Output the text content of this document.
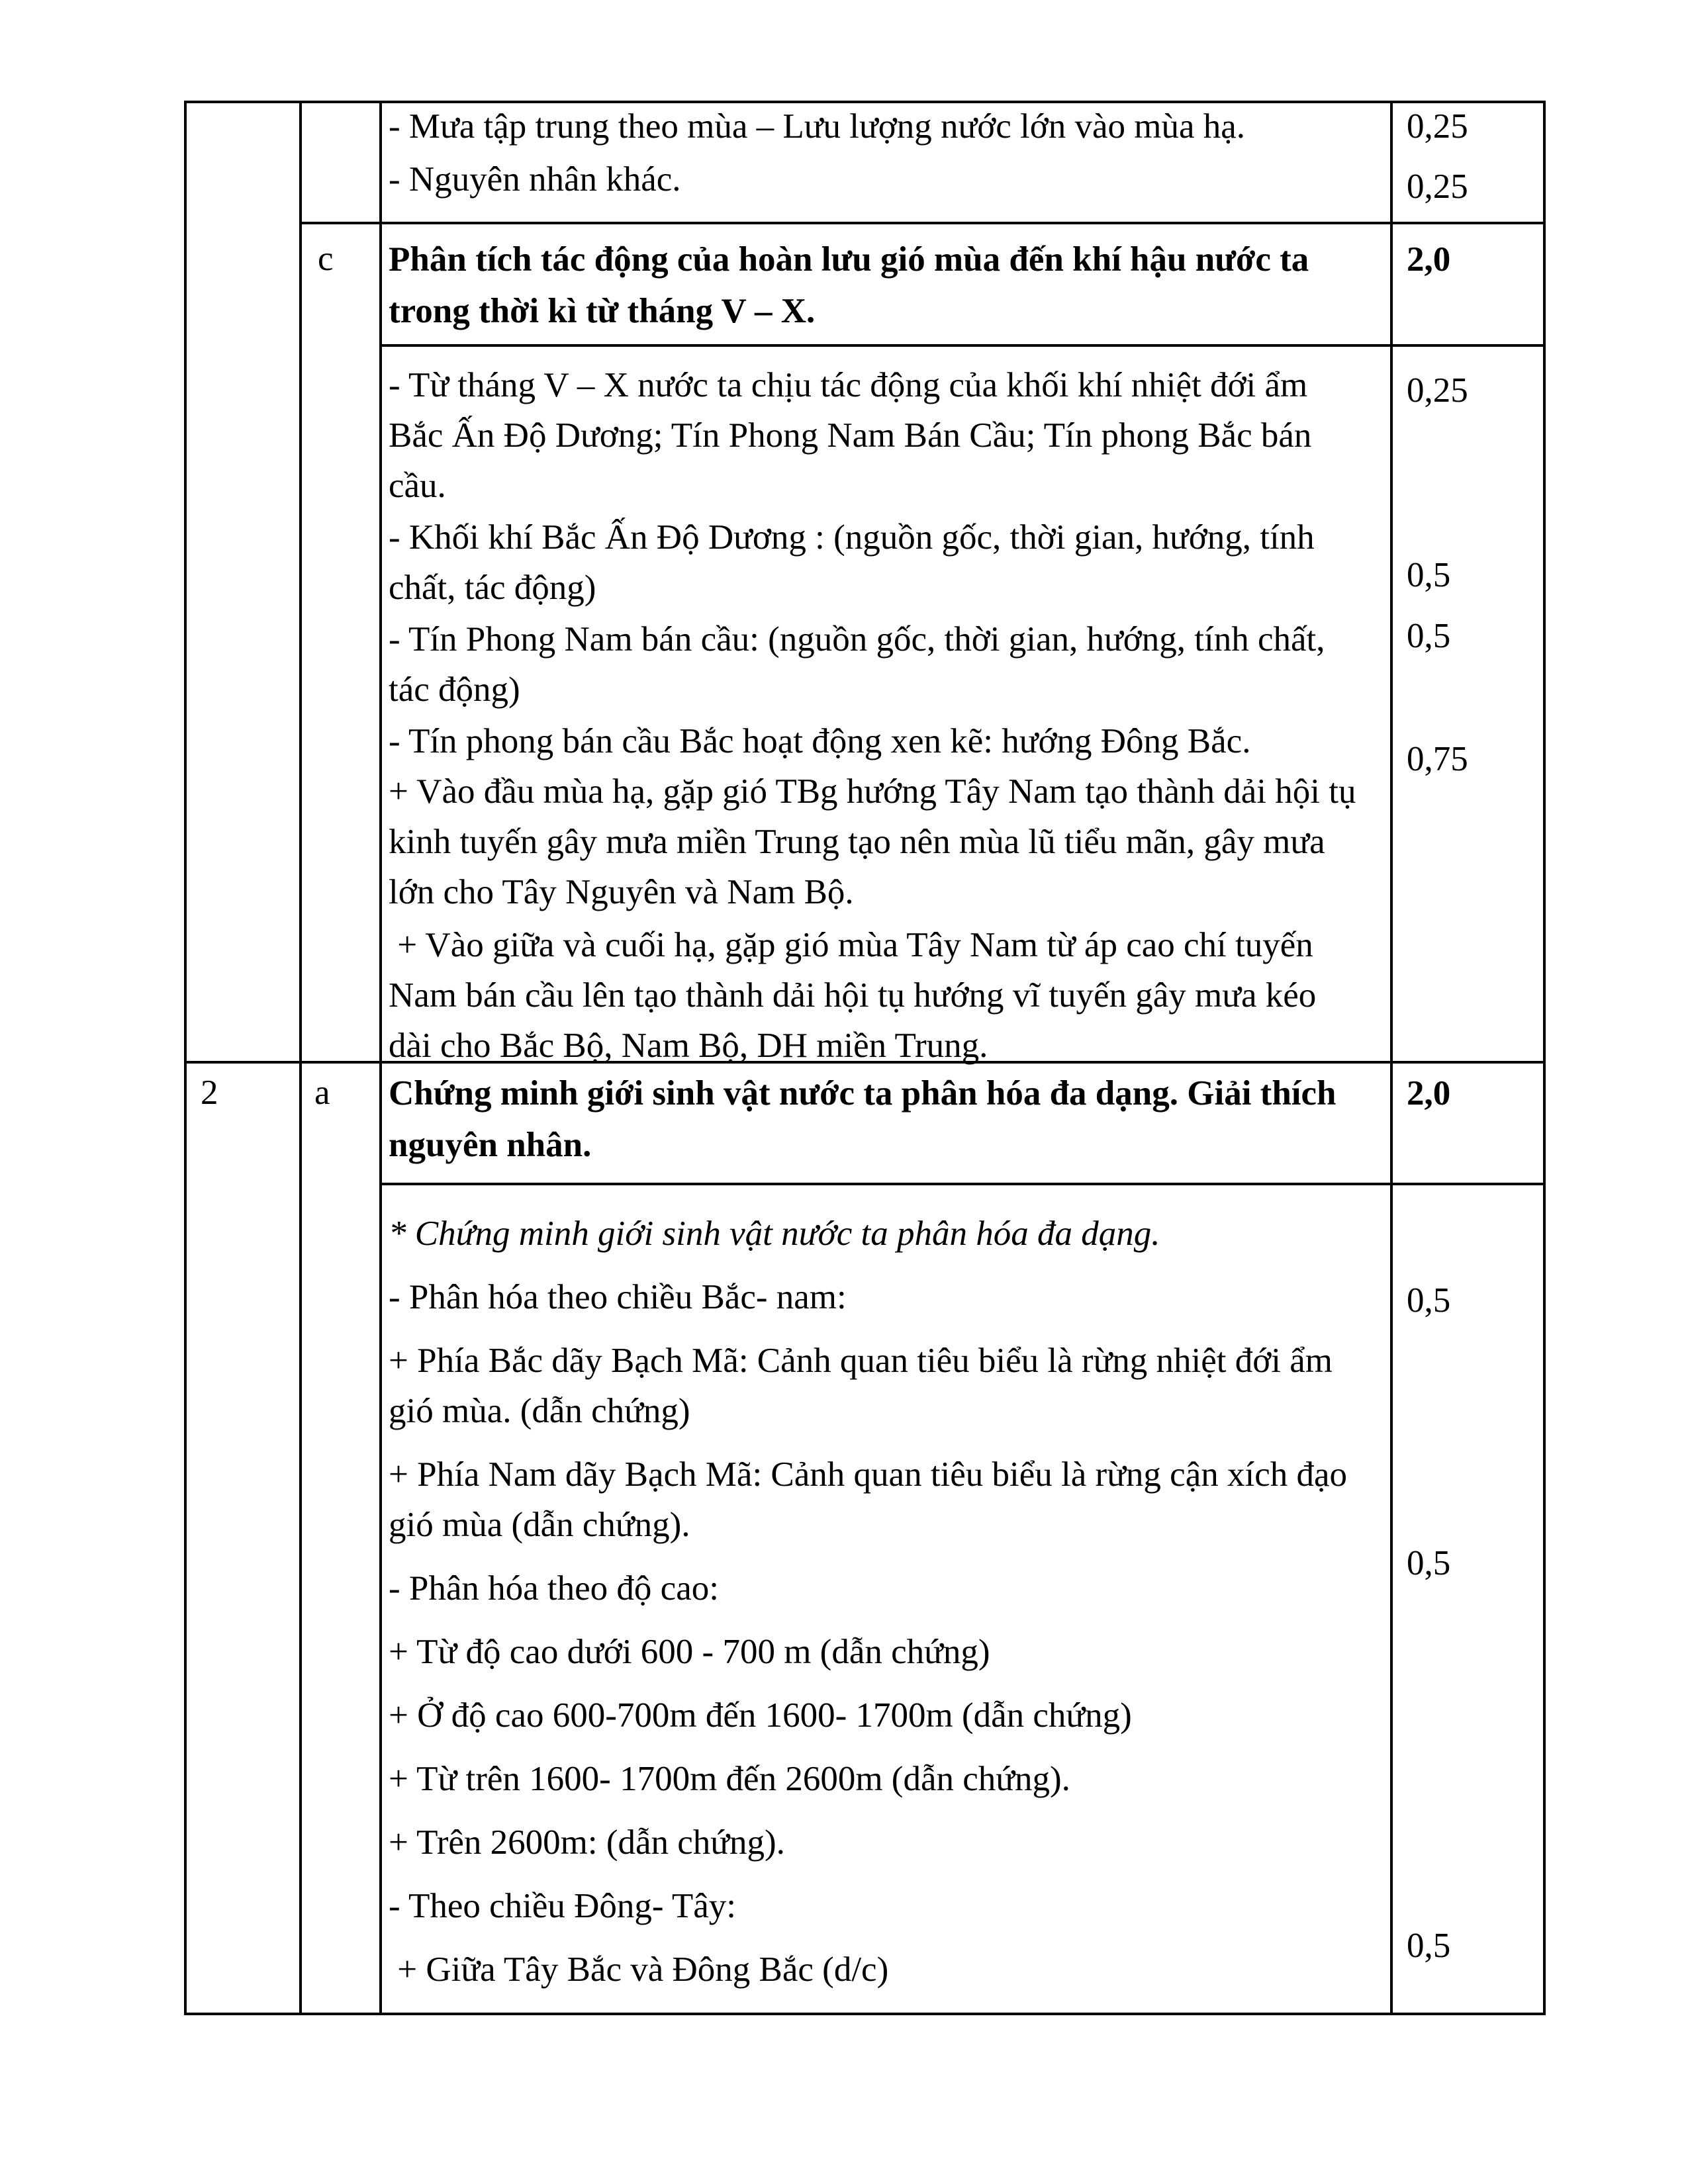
- Mưa tập trung theo mùa – Lưu lượng nước lớn vào mùa hạ.

- Nguyên nhân khác.

0,25
0,25
c Phân tích tác động của hoàn lưu gió mùa đến khí hậu nước ta trong thời kì từ tháng V – X.
2,0

- Từ tháng V – X nước ta chịu tác động của khối khí nhiệt đới ẩm Bắc Ấn Độ Dương; Tín Phong Nam Bán Cầu; Tín phong Bắc bán cầu.

- Khối khí Bắc Ấn Độ Dương : (nguồn gốc, thời gian, hướng, tính chất, tác động)

- Tín Phong Nam bán cầu: (nguồn gốc, thời gian, hướng, tính chất, tác động)

- Tín phong bán cầu Bắc hoạt động xen kẽ: hướng Đông Bắc.

+ Vào đầu mùa hạ, gặp gió TBg hướng Tây Nam tạo thành dải hội tụ kinh tuyến gây mưa miền Trung tạo nên mùa lũ tiểu mãn, gây mưa lớn cho Tây Nguyên và Nam Bộ.

+ Vào giữa và cuối hạ, gặp gió mùa Tây Nam từ áp cao chí tuyến Nam bán cầu lên tạo thành dải hội tụ hướng vĩ tuyến gây mưa kéo dài cho Bắc Bộ, Nam Bộ, DH miền Trung.

0,25
0,5
0,5
0,75
2	a Chứng minh giới sinh vật nước ta phân hóa đa dạng. Giải thích nguyên nhân.
2,0

* Chứng minh giới sinh vật nước ta phân hóa đa dạng.

- Phân hóa theo chiều Bắc- nam:

+ Phía Bắc dãy Bạch Mã: Cảnh quan tiêu biểu là rừng nhiệt đới ẩm gió mùa. (dẫn chứng)

+ Phía Nam dãy Bạch Mã: Cảnh quan tiêu biểu là rừng cận xích đạo gió mùa (dẫn chứng).

- Phân hóa theo độ cao:

+ Từ độ cao dưới 600 - 700 m (dẫn chứng)

+ Ở độ cao 600-700m đến 1600- 1700m (dẫn chứng)

+ Từ trên 1600- 1700m đến 2600m (dẫn chứng).

+ Trên 2600m: (dẫn chứng).

- Theo chiều Đông- Tây:

+ Giữa Tây Bắc và Đông Bắc (d/c)

0,5
0,5
0,5
